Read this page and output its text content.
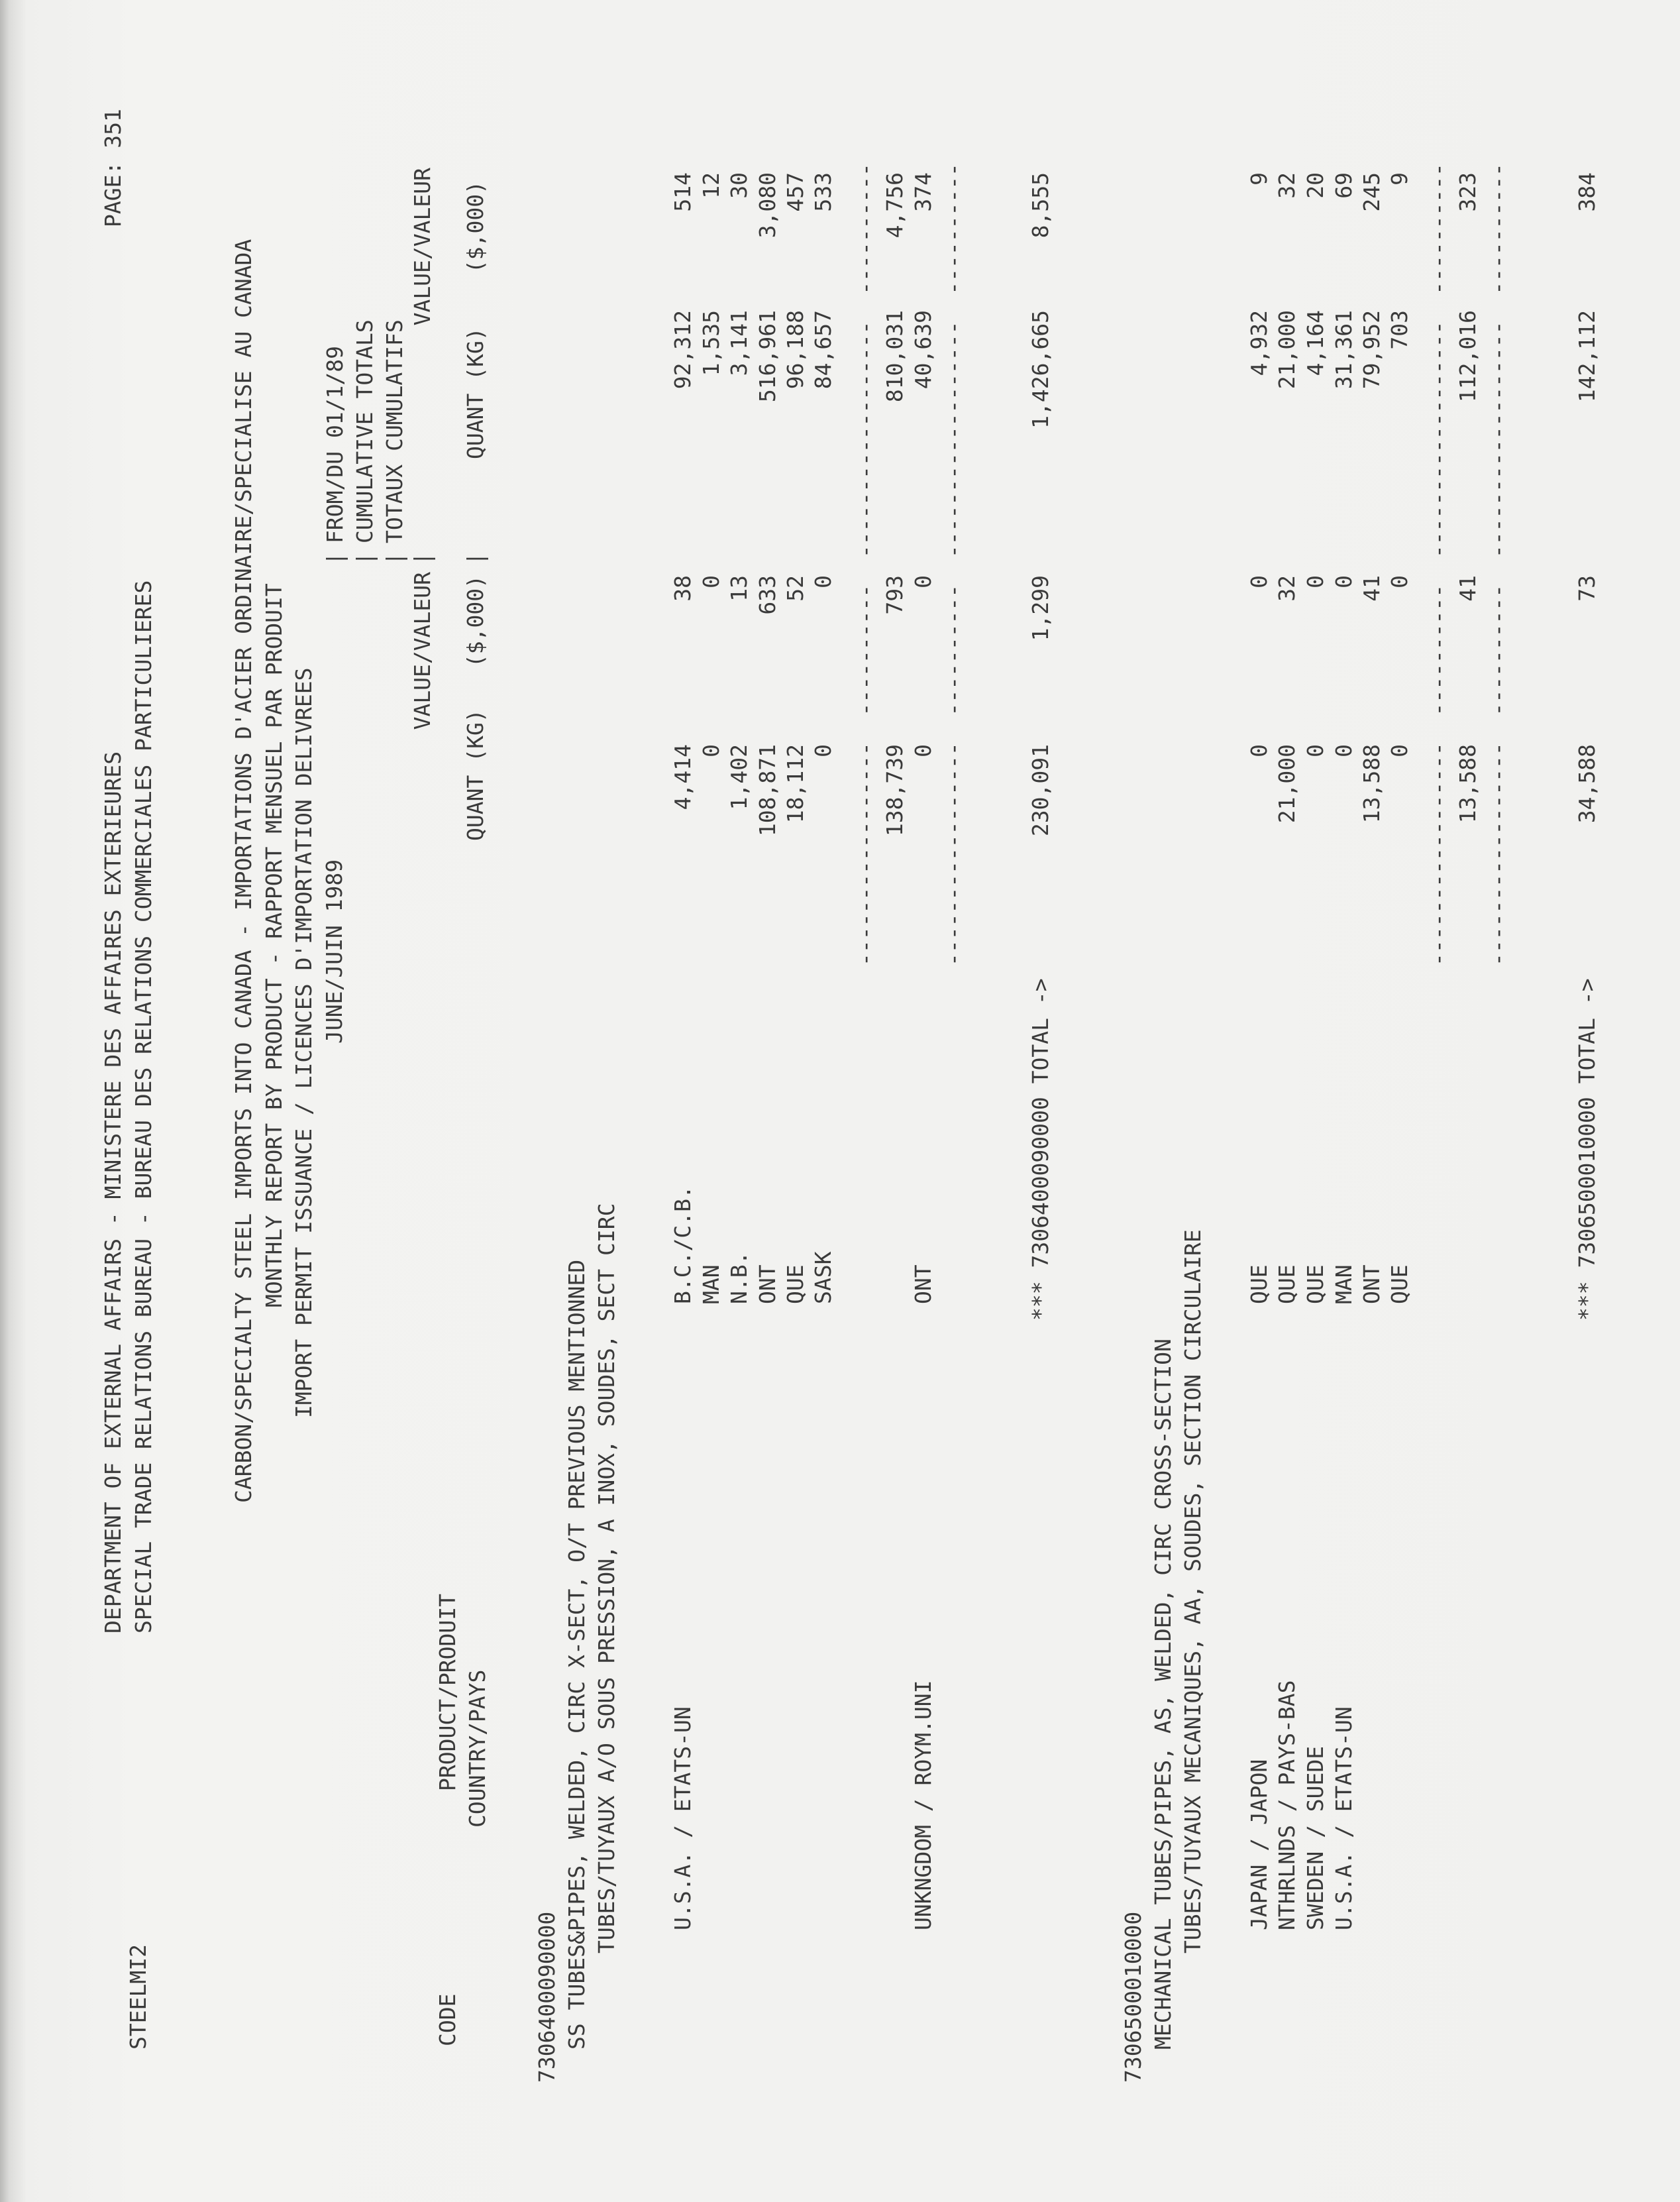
STEELMI2
DEPARTMENT OF EXTERNAL AFFAIRS - MINISTERE DES AFFAIRES EXTERIEURES SPECIAL TRADE RELATIONS BUREAU - BUREAU DES RELATIONS COMMERCIALES PARTICULIERES
PAGE: 351
CARBON/SPECIALTY STEEL IMPORTS INTO CANADA - IMPORTATIONS D'ACIER ORDINAIRE/SPECIALISE AU CANADA MONTHLY REPORT BY PRODUCT - RAPPORT MENSUEL PAR PRODUIT IMPORT PERMIT ISSUANCE / LICENCES D'IMPORTATION DELIVREES JUNE/JUIN 1989
| | | | |
FROM/DU 01/1/89 CUMULATIVE TOTALS TOTAUX CUMULATIFS
CODE
PRODUCT/PRODUIT COUNTRY/PAYS
VALUE/VALEUR
QUANT (KG)
($,000)
VALUE/VALEUR
QUANT (KG)
($,000)
7306400090000 SS TUBES&PIPES, WELDED, CIRC X-SECT, O/T PREVIOUS MENTIONNED TUBES/TUYAUX A/O SOUS PRESSION, A INOX, SOUDES, SECT CIRC U.S.A. / ETATS-UN
B.C./C.B.
4,414
38
92,312
514
MAN
0
0
1,535
12
N.B.
1,402
13
3,141
30
ONT
108,871
633
516,961
3,080
QUE
18,112
52
96,188
457
SASK
0
0
84,657
533 -----------------  ----------  ------------------  ---------- 138,739
793
810,031
4,756
UNKNGDOM / ROYM.UNI
ONT
0
0
40,639
374 -----------------  ----------  ------------------  ----------
*** 7306400090000 TOTAL ->
230,091
1,299
1,426,665
8,555
7306500010000 MECHANICAL TUBES/PIPES, AS, WELDED, CIRC CROSS-SECTION TUBES/TUYAUX MECANIQUES, AA, SOUDES, SECTION CIRCULAIRE JAPAN / JAPON
QUE
0
0
4,932
9
NTHRLNDS / PAYS-BAS
QUE
21,000
32
21,000
32
SWEDEN / SUEDE
QUE
0
0
4,164
20
U.S.A. / ETATS-UN
MAN
0
0
31,361
69
ONT
13,588
41
79,952
245
QUE
0
0
703
9 -----------------  ----------  ------------------  ---------- 13,588
41
112,016
323 -----------------  ----------  ------------------  ----------
*** 7306500010000 TOTAL ->
34,588
73
142,112
384
